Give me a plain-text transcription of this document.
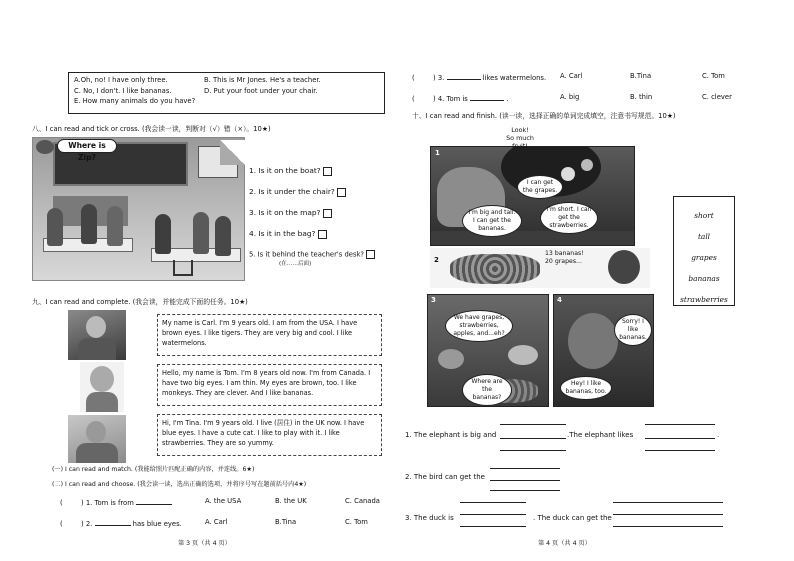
A.Oh, no! I have only three.	B. This is Mr Jones. He's a teacher.
C. No, I don't. I like bananas.	D. Put your foot under your chair.
E. How many animals do you have?
八、I can read and tick or cross. (我会读一读，判断对（√）错（×）。10★)
Where is Zip?
1. Is it on the boat?
2. Is it under the chair?
3. Is it on the map?
4. Is it in the bag?
5. Is it behind the teacher's desk?
(在……后面)
九、I can read and complete. (我会读，并能完成下面的任务。10★)
My name is Carl. I'm 9 years old. I am from the USA. I have brown eyes. I like tigers. They are very big and cool. I like watermelons.
Hello, my name is Tom. I'm 8 years old now. I'm from Canada. I have two big eyes. I am thin. My eyes are brown, too. I like monkeys. They are clever. And I like bananas.
Hi, I'm Tina. I'm 9 years old. I live (居住) in the UK now. I have blue eyes. I have a cute cat. I like to play with it. I like strawberries. They are so yummy.
(一) I can read and match. (我能给照片匹配正确的内容，并连线。6★)
(二) I can read and choose. (我会读一读，选出正确的选项，并将序号写在题前括号内4★)
(	) 1. Tom is from	A. the USA	B. the UK	C. Canada
(	) 2.	has blue eyes.	A. Carl	B.Tina	C. Tom
第 3 页（共 4 页）
(	) 3.	likes watermelons. A. Carl	B.Tina	C. Tom
(	) 4. Tom is	.	A. big	B. thin	C. clever
十、I can read and finish. (读一读，选择正确的单词完成填空，注意书写规范。10★)
1
Look!
So much fruit!
I can get the grapes.
I'm big and tall. I can get the bananas.
I'm short. I can get the strawberries.
2
13 bananas!
20 grapes...
3
We have grapes, strawberries, apples, and...eh?
Where are the bananas?
4
Sorry! I like bananas.
Hey! I like bananas, too.
short
tall
grapes
bananas
strawberries
1. The elephant is big and	.The elephant likes	.
2. The bird can get the
3. The duck is	. The duck can get the
第 4 页（共 4 页）
